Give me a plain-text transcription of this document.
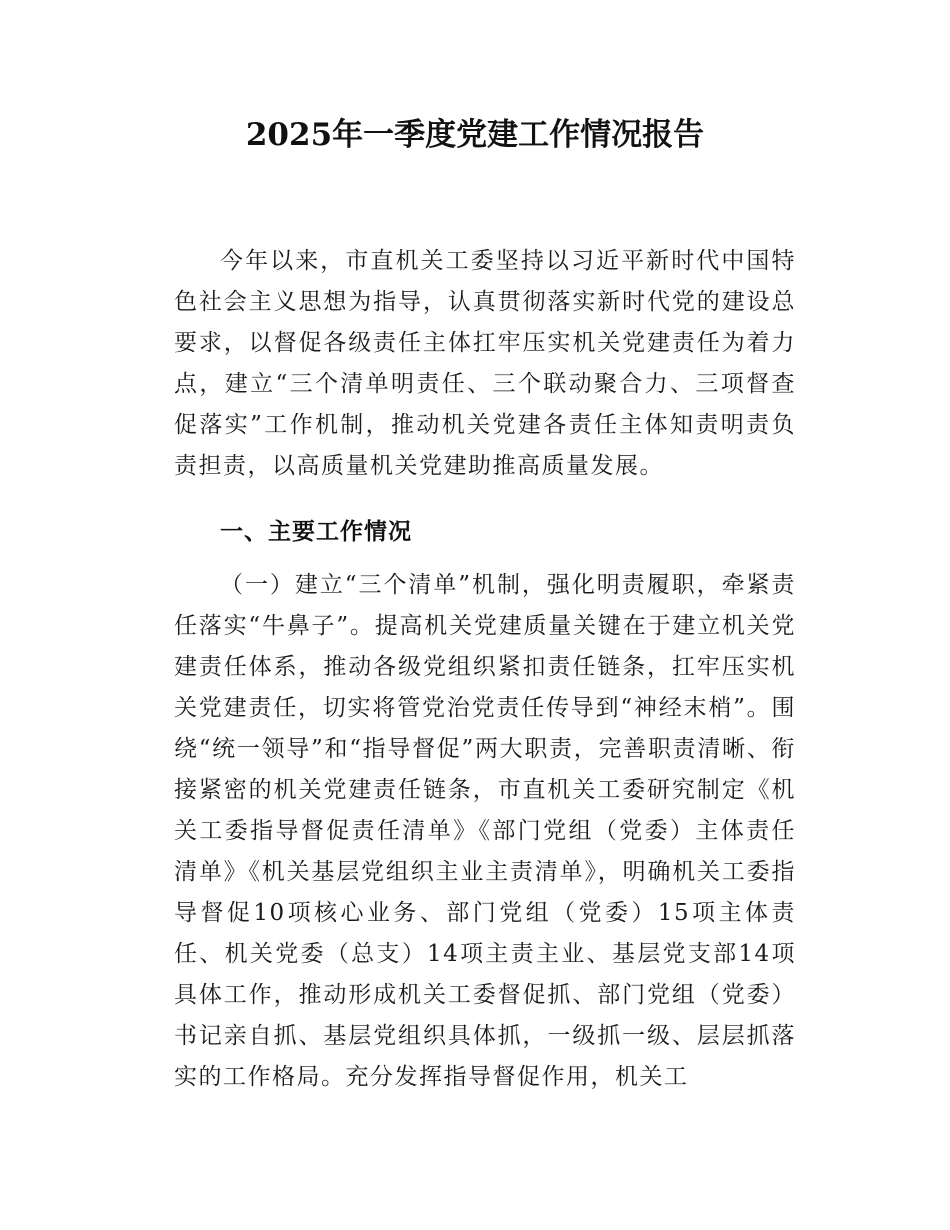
2025年一季度党建工作情况报告

今年以来，市直机关工委坚持以习近平新时代中国特色社会主义思想为指导，认真贯彻落实新时代党的建设总要求，以督促各级责任主体扛牢压实机关党建责任为着力点，建立“三个清单明责任、三个联动聚合力、三项督查促落实”工作机制，推动机关党建各责任主体知责明责负责担责，以高质量机关党建助推高质量发展。

一、主要工作情况

（一）建立“三个清单”机制，强化明责履职，牵紧责任落实“牛鼻子”。提高机关党建质量关键在于建立机关党建责任体系，推动各级党组织紧扣责任链条，扛牢压实机关党建责任，切实将管党治党责任传导到“神经末梢”。围绕“统一领导”和“指导督促”两大职责，完善职责清晰、衔接紧密的机关党建责任链条，市直机关工委研究制定《机关工委指导督促责任清单》《部门党组（党委）主体责任清单》《机关基层党组织主业主责清单》，明确机关工委指导督促10项核心业务、部门党组（党委）15项主体责任、机关党委（总支）14项主责主业、基层党支部14项具体工作，推动形成机关工委督促抓、部门党组（党委）书记亲自抓、基层党组织具体抓，一级抓一级、层层抓落实的工作格局。充分发挥指导督促作用，机关工
